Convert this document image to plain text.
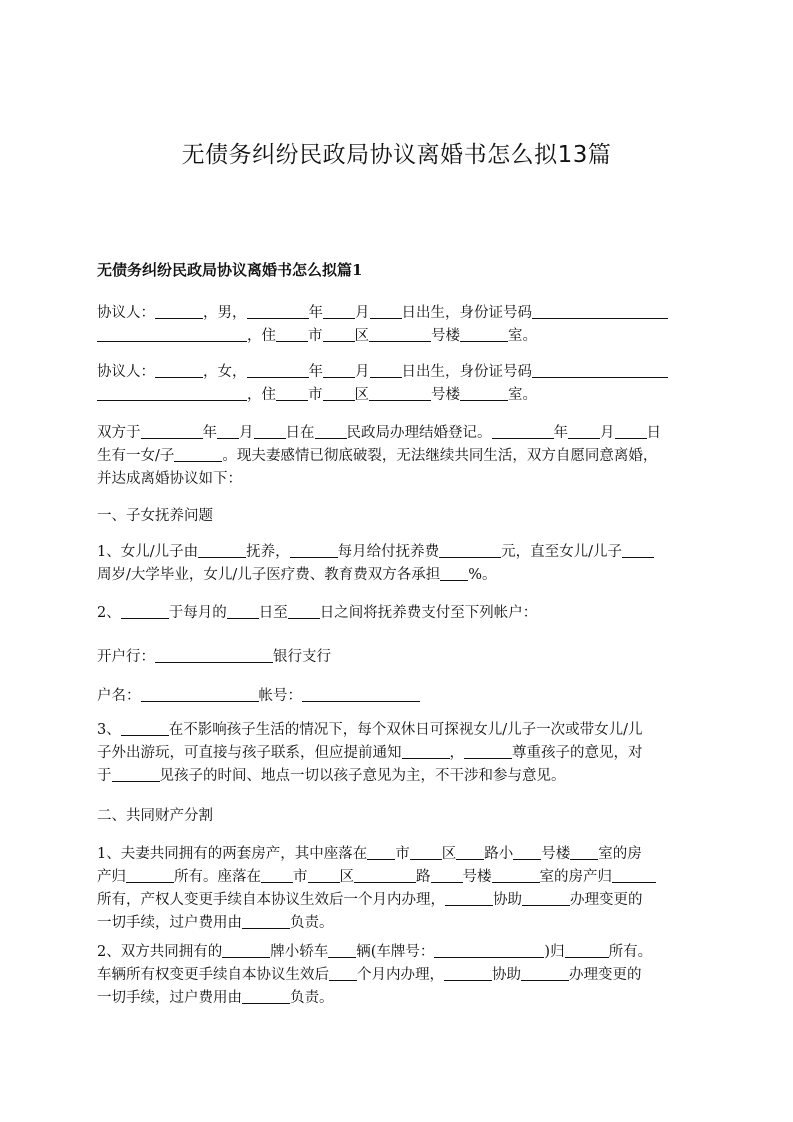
无债务纠纷民政局协议离婚书怎么拟13篇
无债务纠纷民政局协议离婚书怎么拟篇1
协议人：	，男，	年 月 日出生，身份证号码
，住 市 区	号楼	室。
协议人：	，女，	年 月 日出生，身份证号码
，住 市 区	号楼	室。
双方于	年 月 日在 民政局办理结婚登记。	年 月 日
生有一女/子	。现夫妻感情已彻底破裂，无法继续共同生活，双方自愿同意离婚，
并达成离婚协议如下：
一、子女抚养问题
1、女儿/儿子由	抚养，	每月给付抚养费	元，直至女儿/儿子
周岁/大学毕业，女儿/儿子医疗费、教育费双方各承担 %。
2、	于每月的 日至 日之间将抚养费支付至下列帐户：
开户行：	银行支行
户名：	帐号：
3、	在不影响孩子生活的情况下，每个双休日可探视女儿/儿子一次或带女儿/儿
子外出游玩，可直接与孩子联系，但应提前通知	，	尊重孩子的意见，对
于	见孩子的时间、地点一切以孩子意见为主，不干涉和参与意见。
二、共同财产分割
1、夫妻共同拥有的两套房产，其中座落在 市 区 路小 号楼 室的房
产归	所有。座落在 市 区	路 号楼	室的房产归
所有，产权人变更手续自本协议生效后一个月内办理，	协助	办理变更的
一切手续，过户费用由	负责。
2、双方共同拥有的	牌小轿车 辆(车牌号：	)归	所有。
车辆所有权变更手续自本协议生效后 个月内办理，	协助	办理变更的
一切手续，过户费用由	负责。
